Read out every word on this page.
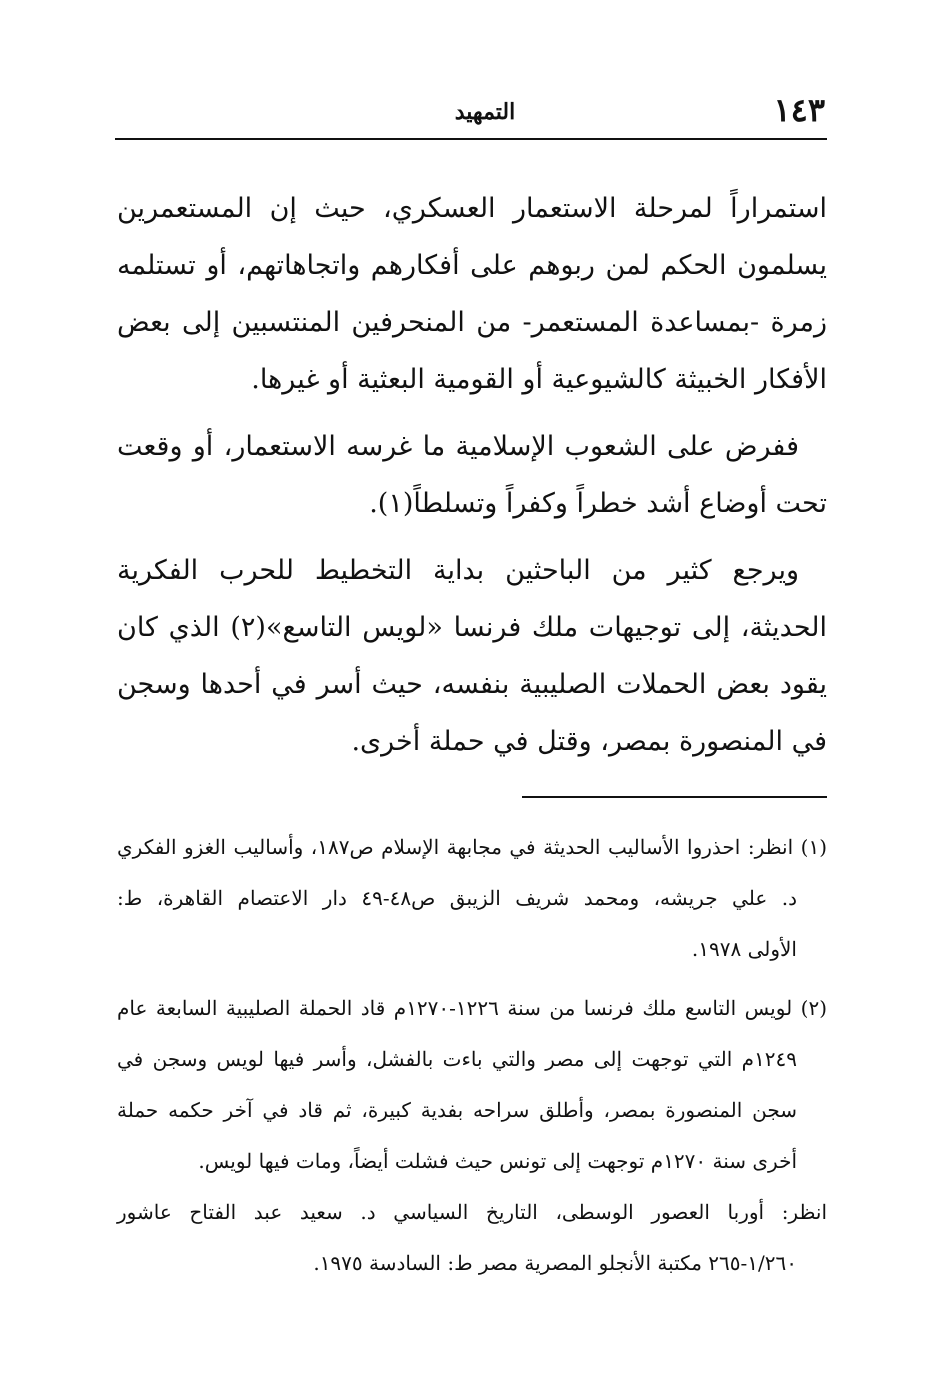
١٤٣
التمهيد

استمراراً لمرحلة الاستعمار العسكري، حيث إن المستعمرين يسلمون الحكم لمن ربوهم على أفكارهم واتجاهاتهم، أو تستلمه زمرة -بمساعدة المستعمر- من المنحرفين المنتسبين إلى بعض الأفكار الخبيثة كالشيوعية أو القومية البعثية أو غيرها.

ففرض على الشعوب الإسلامية ما غرسه الاستعمار، أو وقعت تحت أوضاع أشد خطراً وكفراً وتسلطاً(١).

ويرجع كثير من الباحثين بداية التخطيط للحرب الفكرية الحديثة، إلى توجيهات ملك فرنسا «لويس التاسع»(٢) الذي كان يقود بعض الحملات الصليبية بنفسه، حيث أسر في أحدها وسجن في المنصورة بمصر، وقتل في حملة أخرى.

(١) انظر: احذروا الأساليب الحديثة في مجابهة الإسلام ص١٨٧، وأساليب الغزو الفكري
د. علي جريشه، ومحمد شريف الزيبق ص٤٨-٤٩ دار الاعتصام القاهرة، ط:
الأولى ١٩٧٨.
(٢) لويس التاسع ملك فرنسا من سنة ١٢٢٦-١٢٧٠م قاد الحملة الصليبية السابعة عام
١٢٤٩م التي توجهت إلى مصر والتي باءت بالفشل، وأسر فيها لويس وسجن في
سجن المنصورة بمصر، وأطلق سراحه بفدية كبيرة، ثم قاد في آخر حكمه حملة
أخرى سنة ١٢٧٠م توجهت إلى تونس حيث فشلت أيضاً، ومات فيها لويس.
انظر: أوربا العصور الوسطى، التاريخ السياسي د. سعيد عبد الفتاح عاشور
١/٢٦٠-٢٦٥ مكتبة الأنجلو المصرية مصر ط: السادسة ١٩٧٥.
